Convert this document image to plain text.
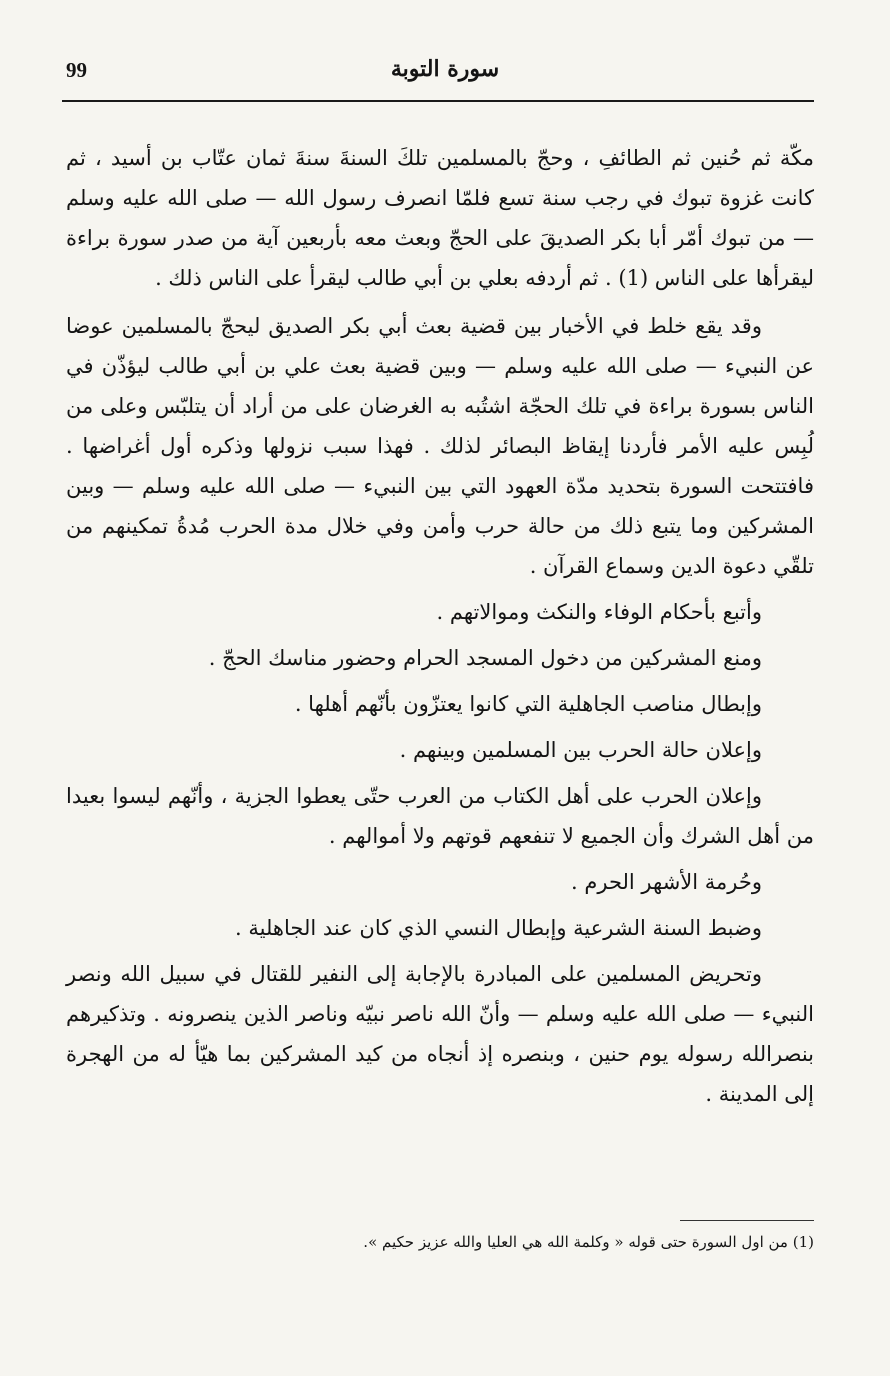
99	سورة التوبة

مكّة ثم حُنين ثم الطائفِ ، وحجّ بالمسلمين تلكَ السنةَ سنةَ ثمان عتّاب بن أسيد ، ثم كانت غزوة تبوك في رجب سنة تسع فلمّا انصرف رسول الله — صلى الله عليه وسلم — من تبوك أمّر أبا بكر الصديقَ على الحجّ وبعث معه بأربعين آية من صدر سورة براءة ليقرأها على الناس (1) . ثم أردفه بعلي بن أبي طالب ليقرأ على الناس ذلك .

وقد يقع خلط في الأخبار بين قضية بعث أبي بكر الصديق ليحجّ بالمسلمين عوضا عن النبيء — صلى الله عليه وسلم — وبين قضية بعث علي بن أبي طالب ليؤذّن في الناس بسورة براءة في تلك الحجّة اشتُبه به الغرضان على من أراد أن يتلبّس وعلى من لُبِس عليه الأمر فأردنا إيقاظ البصائر لذلك . فهذا سبب نزولها وذكره أول أغراضها . فافتتحت السورة بتحديد مدّة العهود التي بين النبيء — صلى الله عليه وسلم — وبين المشركين وما يتبع ذلك من حالة حرب وأمن وفي خلال مدة الحرب مُدةُ تمكينهم من تلقّي دعوة الدين وسماع القرآن .

وأتبع بأحكام الوفاء والنكث وموالاتهم .

ومنع المشركين من دخول المسجد الحرام وحضور مناسك الحجّ .

وإبطال مناصب الجاهلية التي كانوا يعتزّون بأنّهم أهلها .

وإعلان حالة الحرب بين المسلمين وبينهم .

وإعلان الحرب على أهل الكتاب من العرب حتّى يعطوا الجزية ، وأنّهم ليسوا بعيدا من أهل الشرك وأن الجميع لا تنفعهم قوتهم ولا أموالهم .

وحُرمة الأشهر الحرم .

وضبط السنة الشرعية وإبطال النسي الذي كان عند الجاهلية .

وتحريض المسلمين على المبادرة بالإجابة إلى النفير للقتال في سبيل الله ونصر النبيء — صلى الله عليه وسلم — وأنّ الله ناصر نبيّه وناصر الذين ينصرونه . وتذكيرهم بنصرالله رسوله يوم حنين ، وبنصره إذ أنجاه من كيد المشركين بما هيّأ له من الهجرة إلى المدينة .

(1) من اول السورة حتى قوله « وكلمة الله هي العليا والله عزيز حكيم ».
